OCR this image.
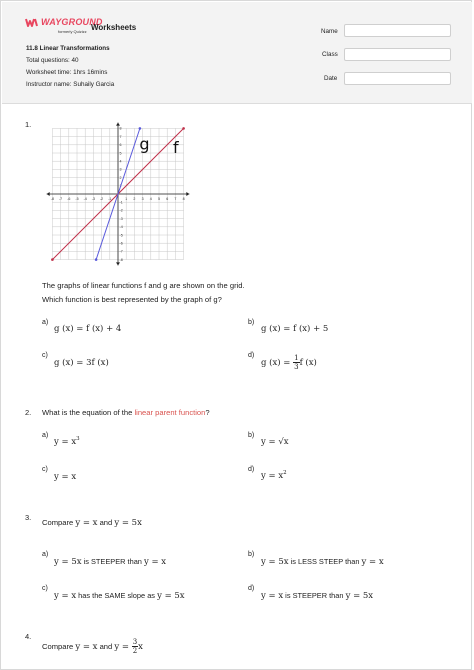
WAYGROUND
formerly Quizizz Worksheets
11.8 Linear Transformations
Total questions: 40
Worksheet time: 1hrs 16mins
Instructor name: Suhaily Garcia
Name
Class
Date
1.
-8 -7 -6 -5 -4 -3 -2 -1	1 2 3 4 5 6 7 8
8
7
6
5
4
3
2
-1
-2
-3
-4
-5
-6
-7
-8
g f
The graphs of linear functions f and g are shown on the grid.
Which function is best represented by the graph of g?
a)
g (x) = f (x) + 4
b)
g (x) = f (x) + 5
c)
g (x) = 3f (x)
d)
g $(x) = \frac{1}{3}$ f (x)
2. What is the equation of the linear parent function?
a)
$y = x^3$	b)
y = √x
c)
y = x
d)
$y = x^2$
3.
Compare y = x and y = 5x
a)
y = 5x is STEEPER than y = x
b)
y = 5x is LESS STEEP than y = x
c)
y = x has the SAME slope as y = 5x
d)
y = x is STEEPER than y = 5x
4.
Compare y = x and $y = \frac{3}{2}$ x
